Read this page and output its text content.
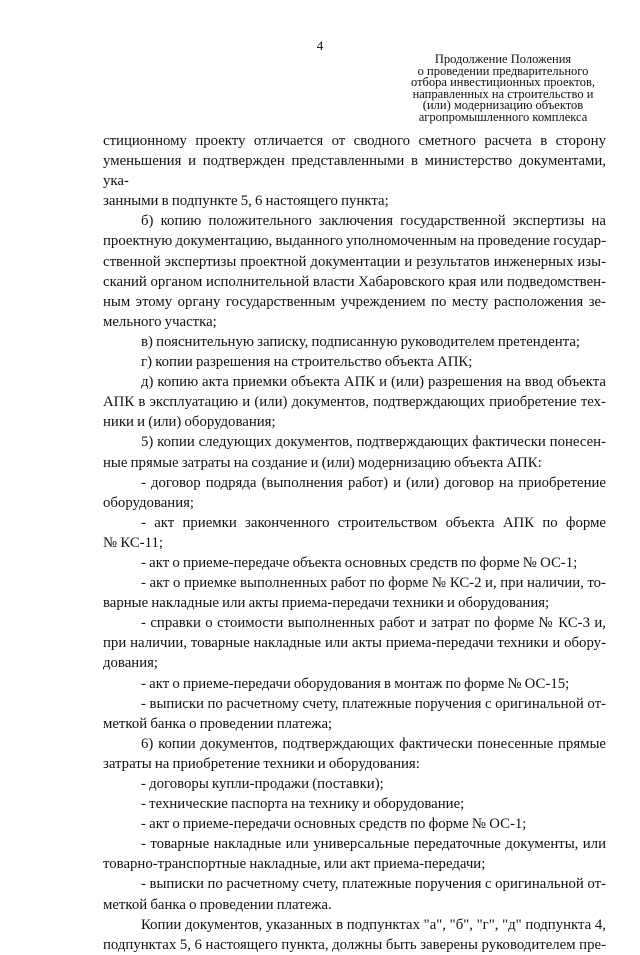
4
Продолжение Положения
о проведении предварительного
отбора инвестиционных проектов,
направленных на строительство и
(или) модернизацию объектов
агропромышленного комплекса

стиционному проекту отличается от сводного сметного расчета в сторону

уменьшения и подтвержден представленными в министерство документами, ука-

занными в подпункте 5, 6 настоящего пункта;

б) копию положительного заключения государственной экспертизы на

проектную документацию, выданного уполномоченным на проведение государ-

ственной экспертизы проектной документации и результатов инженерных изы-

сканий органом исполнительной власти Хабаровского края или подведомствен-

ным этому органу государственным учреждением по месту расположения зе-

мельного участка;

в) пояснительную записку, подписанную руководителем претендента;

г) копии разрешения на строительство объекта АПК;

д) копию акта приемки объекта АПК и (или) разрешения на ввод объекта

АПК в эксплуатацию и (или) документов, подтверждающих приобретение тех-

ники и (или) оборудования;

5) копии следующих документов, подтверждающих фактически понесен-

ные прямые затраты на создание и (или) модернизацию объекта АПК:

- договор подряда (выполнения работ) и (или) договор на приобретение

оборудования;

- акт приемки законченного строительством объекта АПК по форме

№ КС-11;

- акт о приеме-передаче объекта основных средств по форме № ОС-1;

- акт о приемке выполненных работ по форме № КС-2 и, при наличии, то-

варные накладные или акты приема-передачи техники и оборудования;

- справки о стоимости выполненных работ и затрат по форме № КС-3 и,

при наличии, товарные накладные или акты приема-передачи техники и обору-

дования;

- акт о приеме-передачи оборудования в монтаж по форме № ОС-15;

- выписки по расчетному счету, платежные поручения с оригинальной от-

меткой банка о проведении платежа;

6) копии документов, подтверждающих фактически понесенные прямые

затраты на приобретение техники и оборудования:

- договоры купли-продажи (поставки);

- технические паспорта на технику и оборудование;

- акт о приеме-передачи основных средств по форме № ОС-1;

- товарные накладные или универсальные передаточные документы, или

товарно-транспортные накладные, или акт приема-передачи;

- выписки по расчетному счету, платежные поручения с оригинальной от-

меткой банка о проведении платежа.

Копии документов, указанных в подпунктах "а", "б", "г", "д" подпункта 4,

подпунктах 5, 6 настоящего пункта, должны быть заверены руководителем пре-
